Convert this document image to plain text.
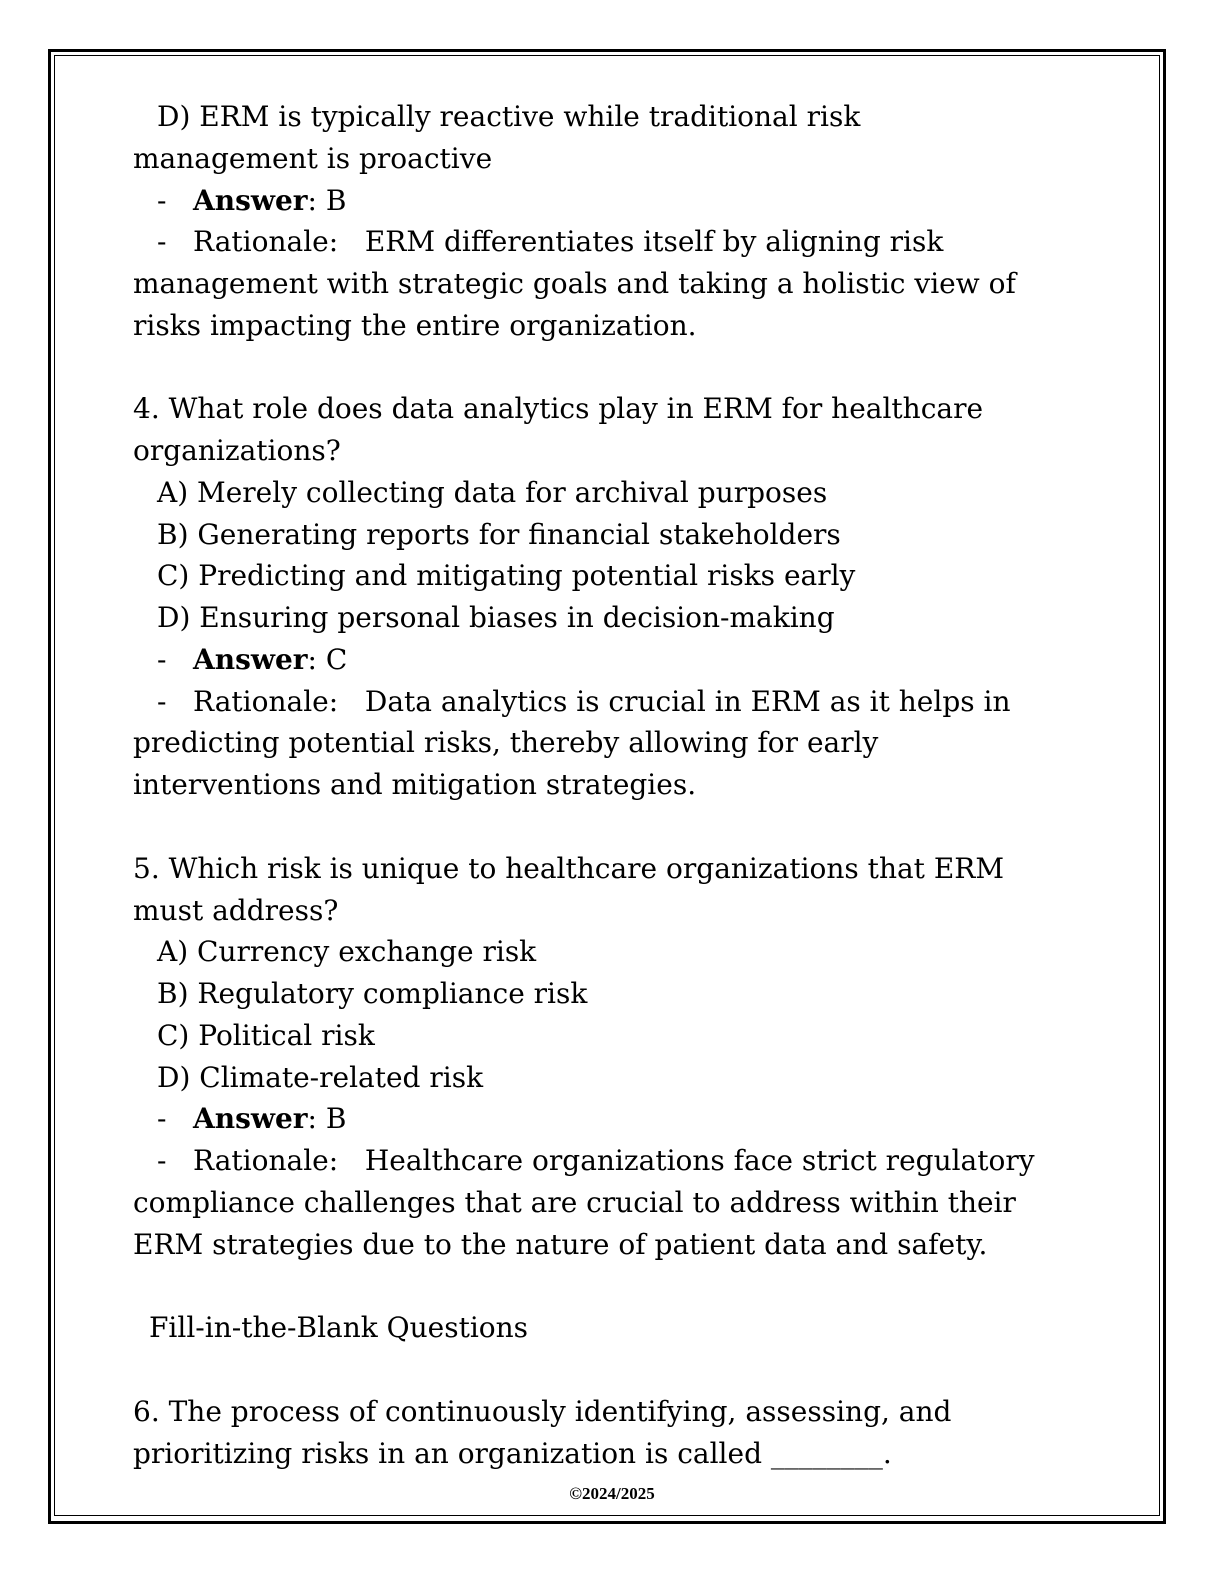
D) ERM is typically reactive while traditional risk
management is proactive
- Answer: B
- Rationale:   ERM differentiates itself by aligning risk
management with strategic goals and taking a holistic view of
risks impacting the entire organization.
4. What role does data analytics play in ERM for healthcare
organizations?
A) Merely collecting data for archival purposes
B) Generating reports for financial stakeholders
C) Predicting and mitigating potential risks early
D) Ensuring personal biases in decision-making
- Answer: C
- Rationale:   Data analytics is crucial in ERM as it helps in
predicting potential risks, thereby allowing for early
interventions and mitigation strategies.
5. Which risk is unique to healthcare organizations that ERM
must address?
A) Currency exchange risk
B) Regulatory compliance risk
C) Political risk
D) Climate-related risk
- Answer: B
- Rationale:   Healthcare organizations face strict regulatory
compliance challenges that are crucial to address within their
ERM strategies due to the nature of patient data and safety.
Fill-in-the-Blank Questions
6. The process of continuously identifying, assessing, and
prioritizing risks in an organization is called ________.
©2024/2025
